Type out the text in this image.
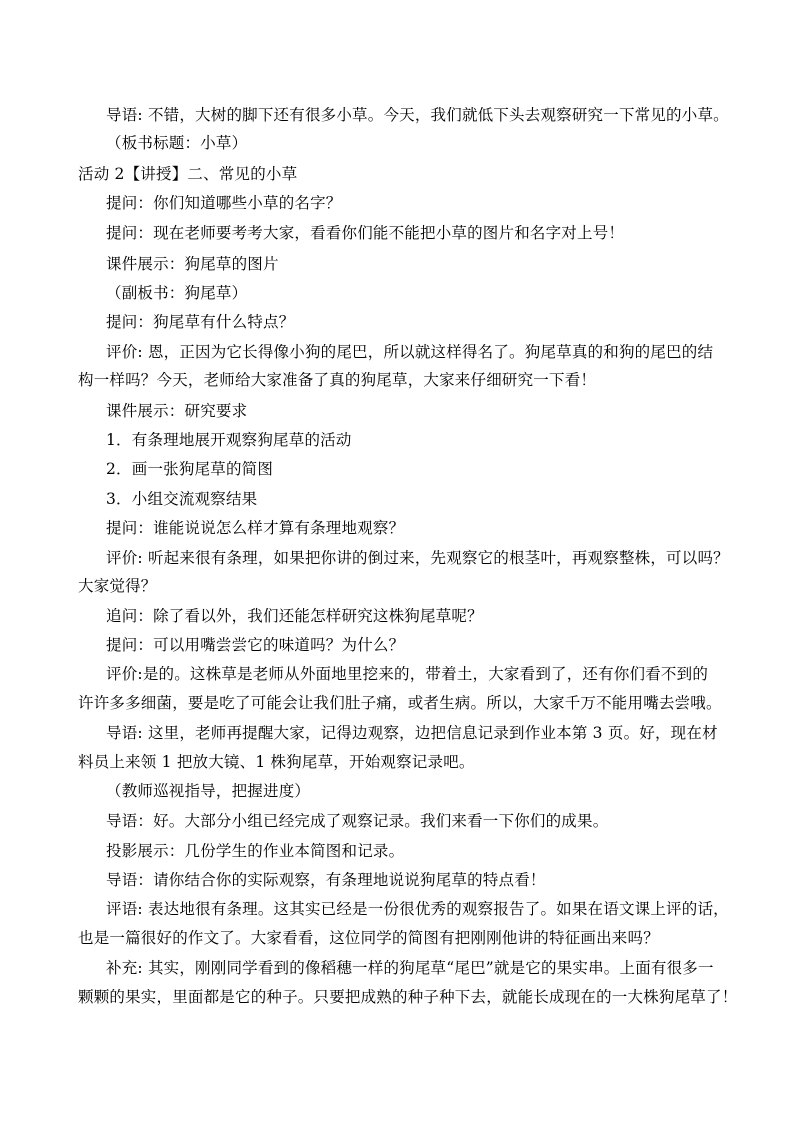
导语: 不错，大树的脚下还有很多小草。今天，我们就低下头去观察研究一下常见的小草。
（板书标题：小草）
活动 2【讲授】二、常见的小草
提问：你们知道哪些小草的名字？
提问：现在老师要考考大家，看看你们能不能把小草的图片和名字对上号！
课件展示：狗尾草的图片
（副板书：狗尾草）
提问：狗尾草有什么特点？
评价: 恩，正因为它长得像小狗的尾巴，所以就这样得名了。狗尾草真的和狗的尾巴的结
构一样吗？今天，老师给大家准备了真的狗尾草，大家来仔细研究一下看！
课件展示：研究要求
1．有条理地展开观察狗尾草的活动
2．画一张狗尾草的简图
3．小组交流观察结果
提问：谁能说说怎么样才算有条理地观察？
评价: 听起来很有条理，如果把你讲的倒过来，先观察它的根茎叶，再观察整株，可以吗？
大家觉得？
追问：除了看以外，我们还能怎样研究这株狗尾草呢？
提问：可以用嘴尝尝它的味道吗？为什么？
评价:是的。这株草是老师从外面地里挖来的，带着土，大家看到了，还有你们看不到的
许许多多细菌，要是吃了可能会让我们肚子痛，或者生病。所以，大家千万不能用嘴去尝哦。
导语: 这里，老师再提醒大家，记得边观察，边把信息记录到作业本第 3 页。好，现在材
料员上来领 1 把放大镜、1 株狗尾草，开始观察记录吧。
（教师巡视指导，把握进度）
导语：好。大部分小组已经完成了观察记录。我们来看一下你们的成果。
投影展示：几份学生的作业本简图和记录。
导语：请你结合你的实际观察，有条理地说说狗尾草的特点看！
评语: 表达地很有条理。这其实已经是一份很优秀的观察报告了。如果在语文课上评的话，
也是一篇很好的作文了。大家看看，这位同学的简图有把刚刚他讲的特征画出来吗？
补充: 其实，刚刚同学看到的像稻穗一样的狗尾草“尾巴”就是它的果实串。上面有很多一
颗颗的果实，里面都是它的种子。只要把成熟的种子种下去，就能长成现在的一大株狗尾草了！
